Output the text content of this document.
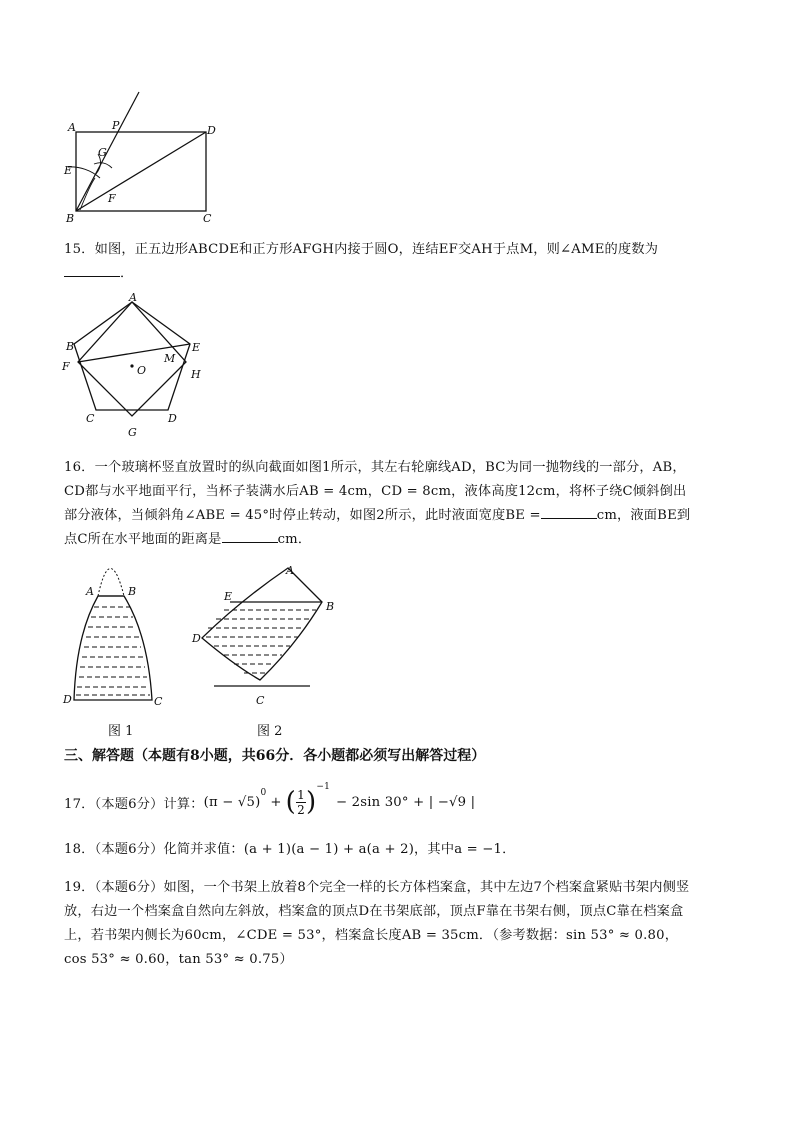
A	P	D
G
E
F
B	C
15．如图，正五边形ABCDE和正方形AFGH内接于圆O，连结EF交AH于点M，则∠AME的度数为
．
A
B	E
F
M
O	H
C	D
G
16．一个玻璃杯竖直放置时的纵向截面如图1所示，其左右轮廓线AD，BC为同一抛物线的一部分，AB，
CD都与水平地面平行，当杯子装满水后AB = 4cm，CD = 8cm，液体高度12cm，将杯子绕C倾斜倒出
部分液体，当倾斜角∠ABE = 45°时停止转动，如图2所示，此时液面宽度BE =	cm，液面BE到
点C所在水平地面的距离是	cm．
A	B
D	C
图 1
A
E
B
D
C
图 2
三、解答题（本题有8小题，共66分．各小题都必须写出解答过程）
17．（本题6分）计算： (π − √5)
$^0$
+ ( 1
2 )$^{-1}$
− 2sin 30° + | −√9 |
18．（本题6分）化简并求值：(a + 1)(a − 1) + a(a + 2)，其中a = −1．
19．（本题6分）如图，一个书架上放着8个完全一样的长方体档案盒，其中左边7个档案盒紧贴书架内侧竖
放，右边一个档案盒自然向左斜放，档案盒的顶点D在书架底部，顶点F靠在书架右侧，顶点C靠在档案盒
上，若书架内侧长为60cm，∠CDE = 53°，档案盒长度AB = 35cm．（参考数据：sin 53° ≈ 0.80，
cos 53° ≈ 0.60，tan 53° ≈ 0.75）
